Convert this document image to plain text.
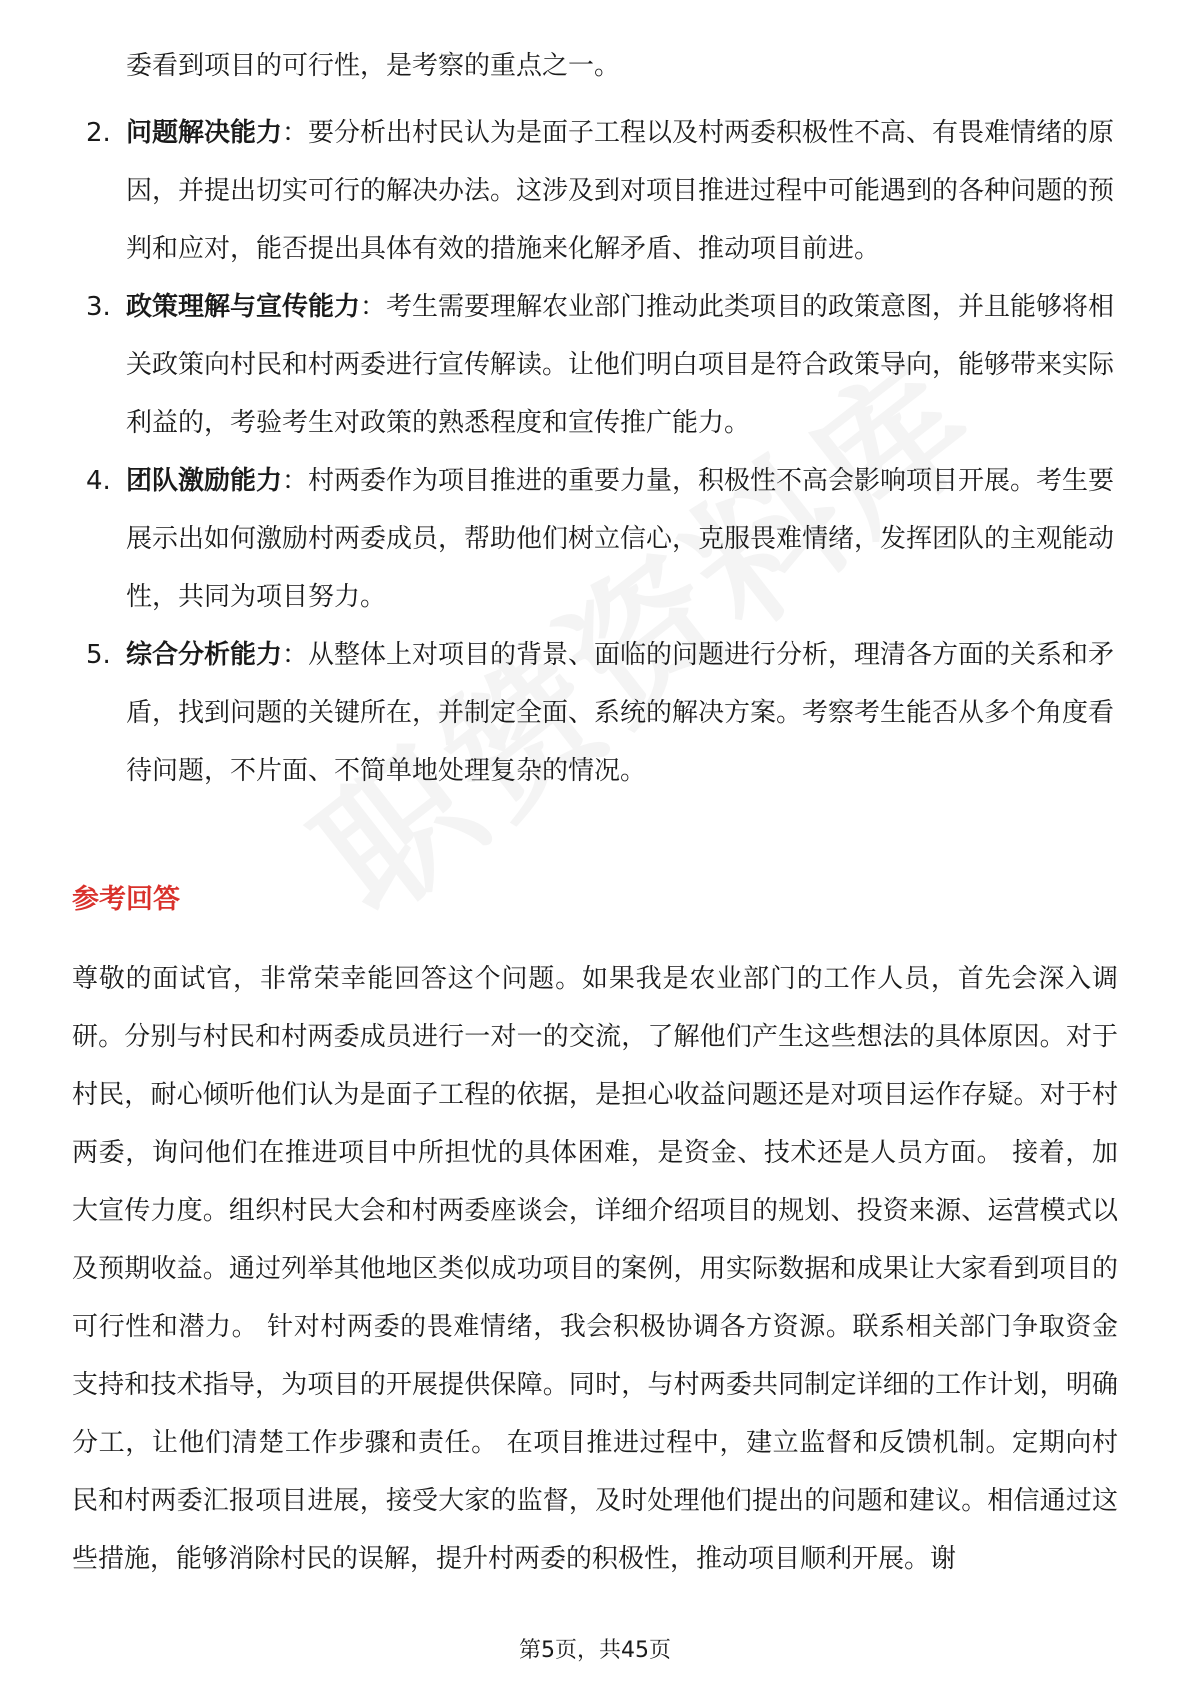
委看到项目的可行性，是考察的重点之一。

2. 问题解决能力：要分析出村民认为是面子工程以及村两委积极性不高、有畏难情绪的原因，并提出切实可行的解决办法。这涉及到对项目推进过程中可能遇到的各种问题的预判和应对，能否提出具体有效的措施来化解矛盾、推动项目前进。
3. 政策理解与宣传能力：考生需要理解农业部门推动此类项目的政策意图，并且能够将相关政策向村民和村两委进行宣传解读。让他们明白项目是符合政策导向，能够带来实际利益的，考验考生对政策的熟悉程度和宣传推广能力。
4. 团队激励能力：村两委作为项目推进的重要力量，积极性不高会影响项目开展。考生要展示出如何激励村两委成员，帮助他们树立信心，克服畏难情绪，发挥团队的主观能动性，共同为项目努力。
5. 综合分析能力：从整体上对项目的背景、面临的问题进行分析，理清各方面的关系和矛盾，找到问题的关键所在，并制定全面、系统的解决方案。考察考生能否从多个角度看待问题，不片面、不简单地处理复杂的情况。
参考回答

尊敬的面试官，非常荣幸能回答这个问题。如果我是农业部门的工作人员，首先会深入调研。分别与村民和村两委成员进行一对一的交流，了解他们产生这些想法的具体原因。对于村民，耐心倾听他们认为是面子工程的依据，是担心收益问题还是对项目运作存疑。对于村两委，询问他们在推进项目中所担忧的具体困难，是资金、技术还是人员方面。 接着，加大宣传力度。组织村民大会和村两委座谈会，详细介绍项目的规划、投资来源、运营模式以及预期收益。通过列举其他地区类似成功项目的案例，用实际数据和成果让大家看到项目的可行性和潜力。 针对村两委的畏难情绪，我会积极协调各方资源。联系相关部门争取资金支持和技术指导，为项目的开展提供保障。同时，与村两委共同制定详细的工作计划，明确分工，让他们清楚工作步骤和责任。 在项目推进过程中，建立监督和反馈机制。定期向村民和村两委汇报项目进展，接受大家的监督，及时处理他们提出的问题和建议。相信通过这些措施，能够消除村民的误解，提升村两委的积极性，推动项目顺利开展。谢

第5页，共45页
